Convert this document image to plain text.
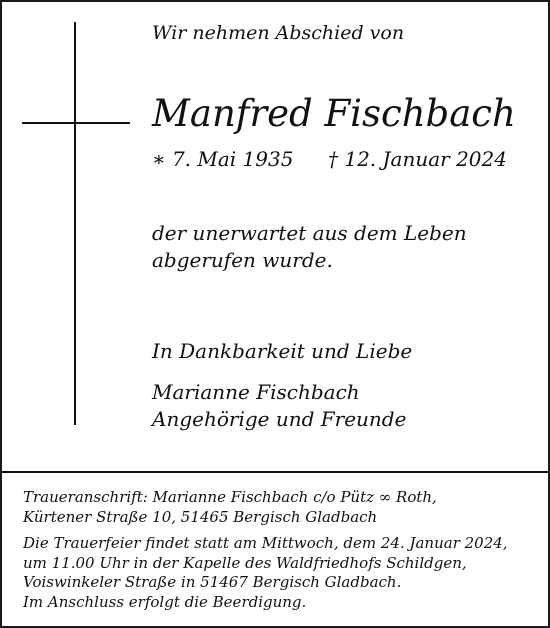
Wir nehmen Abschied von
Manfred Fischbach
∗ 7. Mai 1935 † 12. Januar 2024
der unerwartet aus dem Leben
abgerufen wurde.
In Dankbarkeit und Liebe
Marianne Fischbach
Angehörige und Freunde
Traueranschrift: Marianne Fischbach c/o Pütz ∞ Roth,
Kürtener Straße 10, 51465 Bergisch Gladbach
Die Trauerfeier findet statt am Mittwoch, dem 24. Januar 2024,
um 11.00 Uhr in der Kapelle des Waldfriedhofs Schildgen,
Voiswinkeler Straße in 51467 Bergisch Gladbach.
Im Anschluss erfolgt die Beerdigung.
